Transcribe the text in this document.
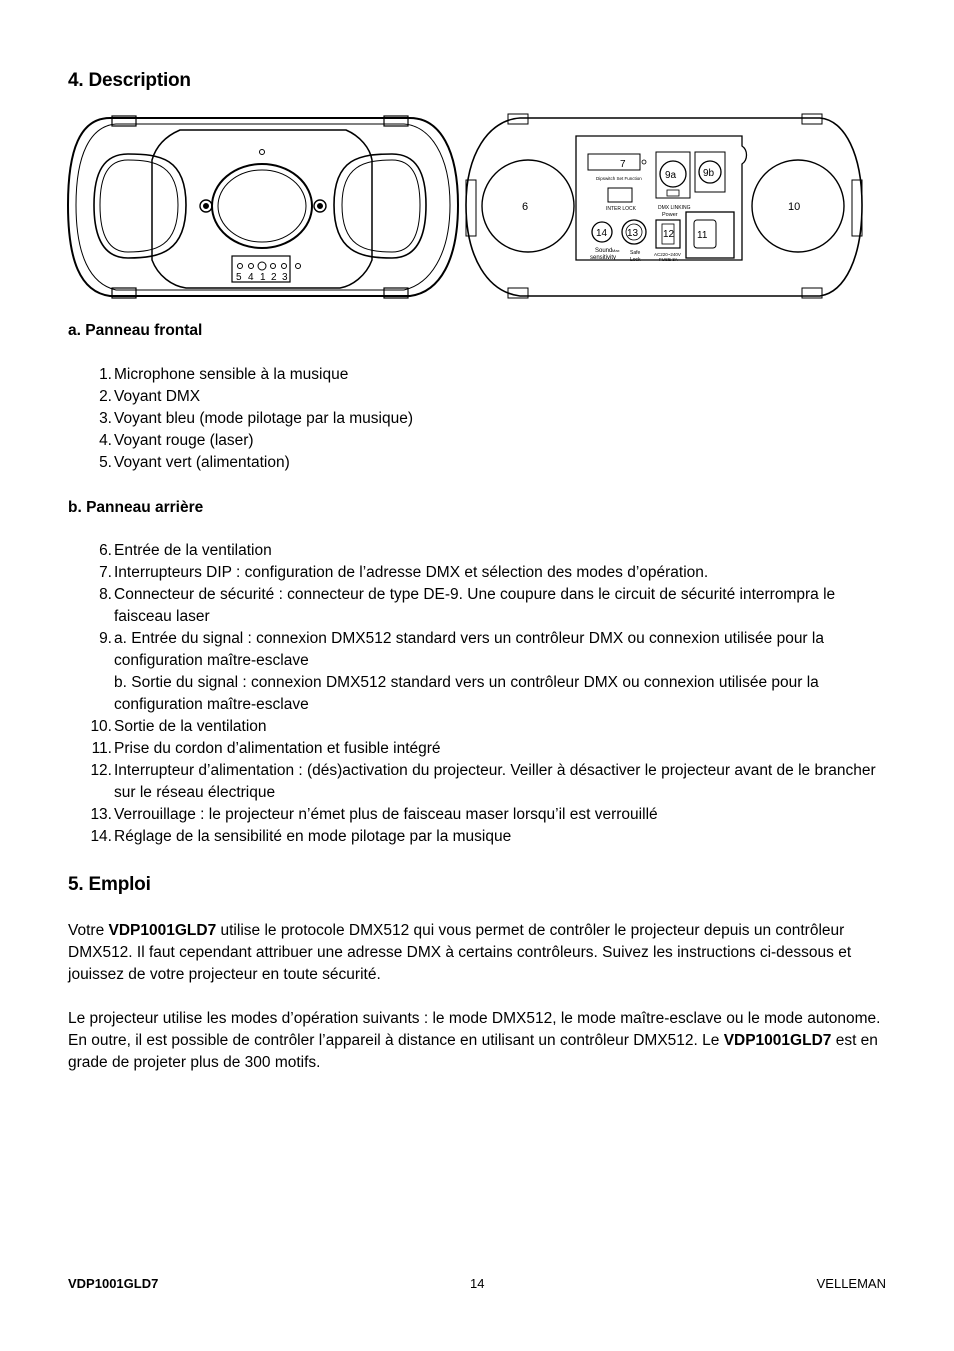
4. Description
5 4 1 2 3
6	10
7
Dipswitch Set Function 9a	9b
DMX LINKING
Power
INTER LOCK
14 13 12 11
Sound Max
sensitivity
Safe
Lock
AC220~240V
FUSE 3A
a. Panneau frontal
1. Microphone sensible à la musique
2. Voyant DMX
3. Voyant bleu (mode pilotage par la musique)
4. Voyant rouge (laser)
5. Voyant vert (alimentation)
b. Panneau arrière
6. Entrée de la ventilation
7. Interrupteurs DIP : configuration de l’adresse DMX et sélection des modes d’opération.
8. Connecteur de sécurité : connecteur de type DE-9. Une coupure dans le circuit de sécurité interrompra le faisceau laser
9. a. Entrée du signal : connexion DMX512 standard vers un contrôleur DMX ou connexion utilisée pour la configuration maître-esclave
b. Sortie du signal : connexion DMX512 standard vers un contrôleur DMX ou connexion utilisée pour la configuration maître-esclave
10. Sortie de la ventilation
11. Prise du cordon d’alimentation et fusible intégré
12. Interrupteur d’alimentation : (dés)activation du projecteur. Veiller à désactiver le projecteur avant de le brancher sur le réseau électrique
13. Verrouillage : le projecteur n’émet plus de faisceau maser lorsqu’il est verrouillé
14. Réglage de la sensibilité en mode pilotage par la musique
5. Emploi

Votre VDP1001GLD7 utilise le protocole DMX512 qui vous permet de contrôler le projecteur depuis un contrôleur DMX512. Il faut cependant attribuer une adresse DMX à certains contrôleurs. Suivez les instructions ci-dessous et jouissez de votre projecteur en toute sécurité.

Le projecteur utilise les modes d’opération suivants : le mode DMX512, le mode maître-esclave ou le mode autonome. En outre, il est possible de contrôler l’appareil à distance en utilisant un contrôleur DMX512. Le VDP1001GLD7 est en grade de projeter plus de 300 motifs.

VDP1001GLD7	14	VELLEMAN
